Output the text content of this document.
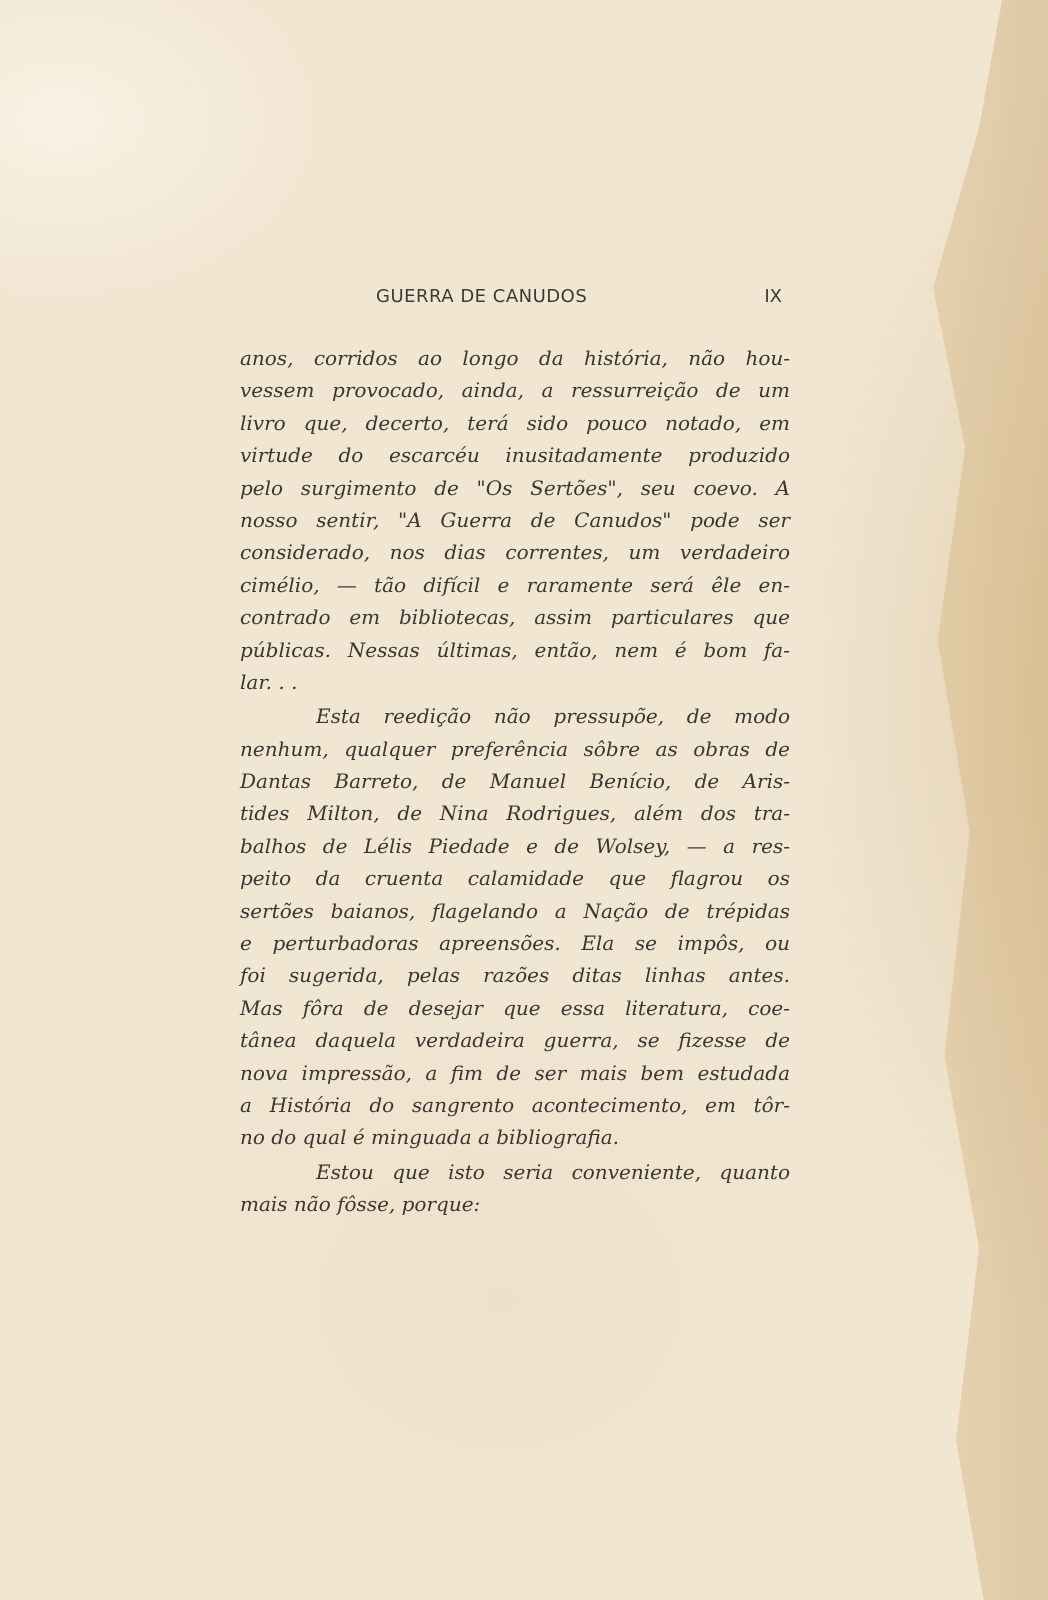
GUERRA DE CANUDOS	IX
anos, corridos ao longo da história, não hou-
vessem provocado, ainda, a ressurreição de um
livro que, decerto, terá sido pouco notado, em
virtude do escarcéu inusitadamente produzido
pelo surgimento de "Os Sertões", seu coevo. A
nosso sentir, "A Guerra de Canudos" pode ser
considerado, nos dias correntes, um verdadeiro
cimélio, — tão difícil e raramente será êle en-
contrado em bibliotecas, assim particulares que
públicas. Nessas últimas, então, nem é bom fa-
lar. . .
Esta reedição não pressupõe, de modo
nenhum, qualquer preferência sôbre as obras de
Dantas Barreto, de Manuel Benício, de Aris-
tides Milton, de Nina Rodrigues, além dos tra-
balhos de Lélis Piedade e de Wolsey, — a res-
peito da cruenta calamidade que flagrou os
sertões baianos, flagelando a Nação de trépidas
e perturbadoras apreensões. Ela se impôs, ou
foi sugerida, pelas razões ditas linhas antes.
Mas fôra de desejar que essa literatura, coe-
tânea daquela verdadeira guerra, se fizesse de
nova impressão, a fim de ser mais bem estudada
a História do sangrento acontecimento, em tôr-
no do qual é minguada a bibliografia.
Estou que isto seria conveniente, quanto
mais não fôsse, porque:
